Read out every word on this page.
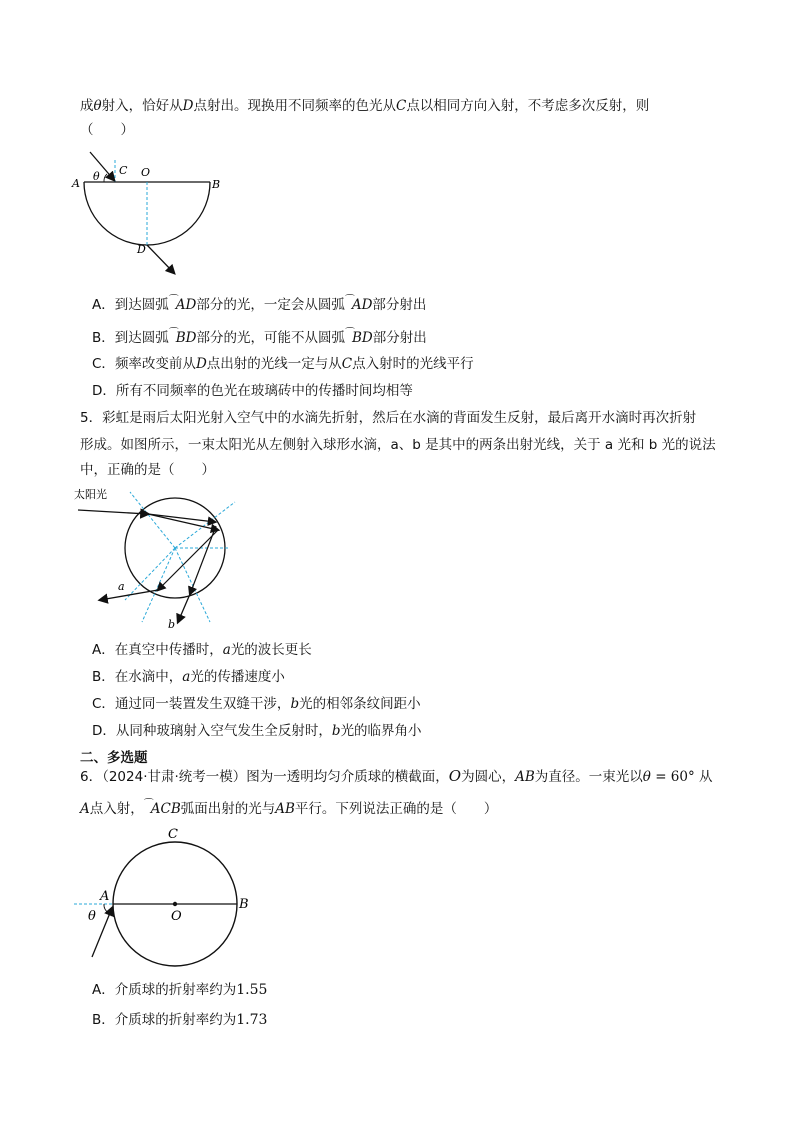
成θ射入，恰好从D点射出。现换用不同频率的色光从C点以相同方向入射，不考虑多次反射，则
（　　）
A	B
C O
D
θ
A．到达圆弧⌒AD部分的光，一定会从圆弧⌒AD部分射出
B．到达圆弧⌒BD部分的光，可能不从圆弧⌒BD部分射出
C．频率改变前从D点出射的光线一定与从C点入射时的光线平行
D．所有不同频率的色光在玻璃砖中的传播时间均相等
5．彩虹是雨后太阳光射入空气中的水滴先折射，然后在水滴的背面发生反射，最后离开水滴时再次折射
形成。如图所示，一束太阳光从左侧射入球形水滴，a、b 是其中的两条出射光线，关于 a 光和 b 光的说法
中，正确的是（　　）
太阳光
a
b
A．在真空中传播时，a光的波长更长
B．在水滴中，a光的传播速度小
C．通过同一装置发生双缝干涉，b光的相邻条纹间距小
D．从同种玻璃射入空气发生全反射时，b光的临界角小
二、多选题
6．（2024·甘肃·统考一模）图为一透明均匀介质球的横截面，O为圆心，AB为直径。一束光以θ = 60° 从
A点入射，⌒ACB弧面出射的光与AB平行。下列说法正确的是（　　）
C
A
O
B
θ
A．介质球的折射率约为1.55
B．介质球的折射率约为1.73
